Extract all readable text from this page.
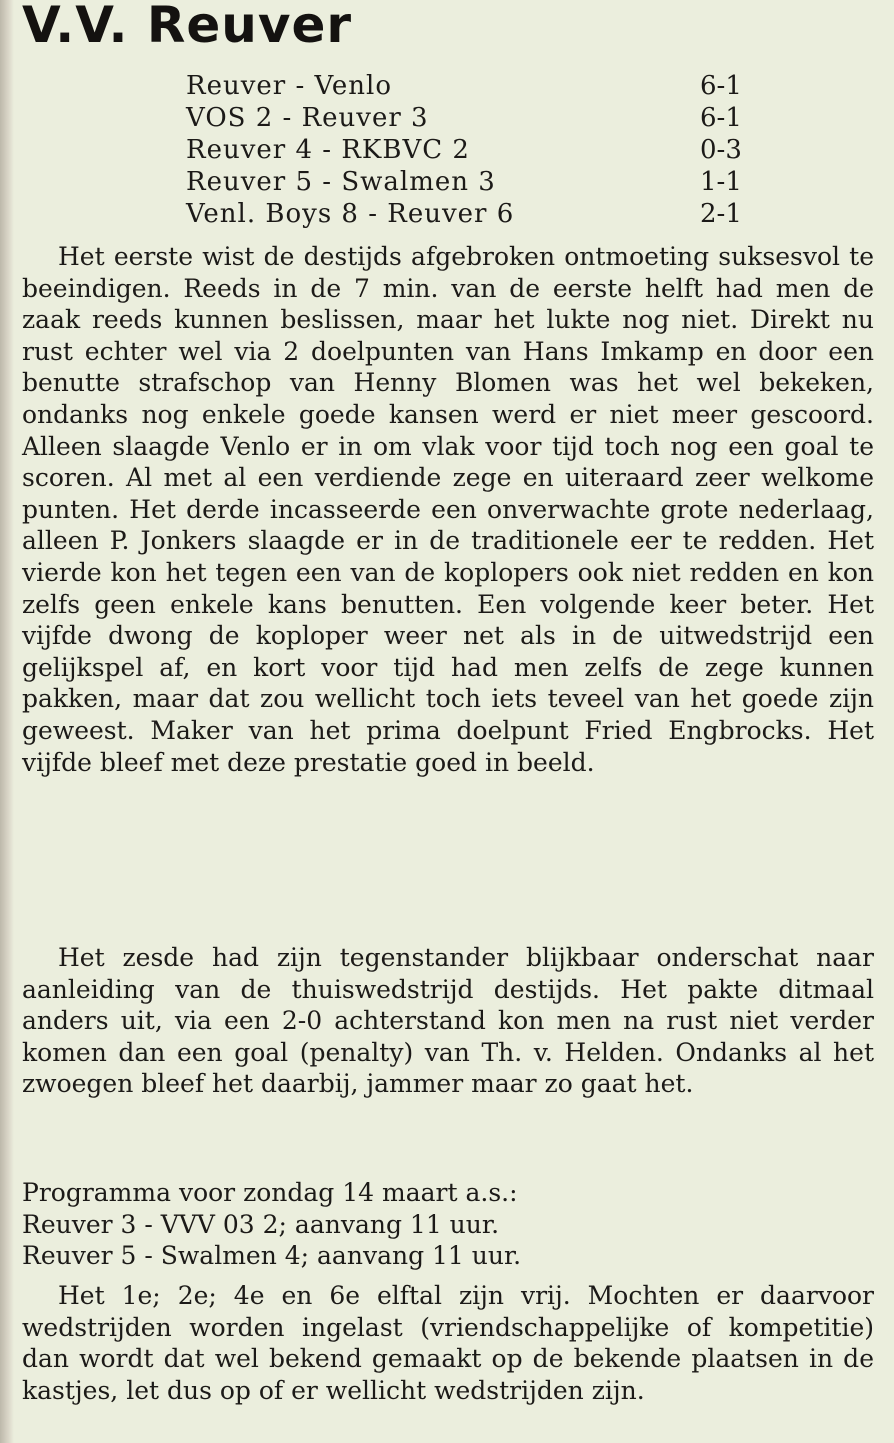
V.V. Reuver
Reuver - Venlo	6-1
VOS 2 - Reuver 3	6-1
Reuver 4 - RKBVC 2	0-3
Reuver 5 - Swalmen 3	1-1
Venl. Boys 8 - Reuver 6	2-1

Het eerste wist de destijds afgebroken ontmoeting suksesvol te beeindigen. Reeds in de 7 min. van de eerste helft had men de zaak reeds kunnen beslissen, maar het lukte nog niet. Direkt nu rust echter wel via 2 doelpunten van Hans Imkamp en door een benutte strafschop van Henny Blomen was het wel bekeken, ondanks nog enkele goede kansen werd er niet meer gescoord. Alleen slaagde Venlo er in om vlak voor tijd toch nog een goal te scoren. Al met al een verdiende zege en uiteraard zeer welkome punten. Het derde incasseerde een onverwachte grote nederlaag, alleen P. Jonkers slaagde er in de traditionele eer te redden. Het vierde kon het tegen een van de koplopers ook niet redden en kon zelfs geen enkele kans benutten. Een volgende keer beter. Het vijfde dwong de koploper weer net als in de uitwedstrijd een gelijkspel af, en kort voor tijd had men zelfs de zege kunnen pakken, maar dat zou wellicht toch iets teveel van het goede zijn geweest. Maker van het prima doelpunt Fried Engbrocks. Het vijfde bleef met deze prestatie goed in beeld.

Het zesde had zijn tegenstander blijkbaar onderschat naar aanleiding van de thuiswedstrijd destijds. Het pakte ditmaal anders uit, via een 2-0 achterstand kon men na rust niet verder komen dan een goal (penalty) van Th. v. Helden. Ondanks al het zwoegen bleef het daarbij, jammer maar zo gaat het.

Programma voor zondag 14 maart a.s.:
Reuver 3 - VVV 03 2; aanvang 11 uur.
Reuver 5 - Swalmen 4; aanvang 11 uur.

Het 1e; 2e; 4e en 6e elftal zijn vrij. Mochten er daarvoor wedstrijden worden ingelast (vriendschappelijke of kompetitie) dan wordt dat wel bekend gemaakt op de bekende plaatsen in de kastjes, let dus op of er wellicht wedstrijden zijn.
